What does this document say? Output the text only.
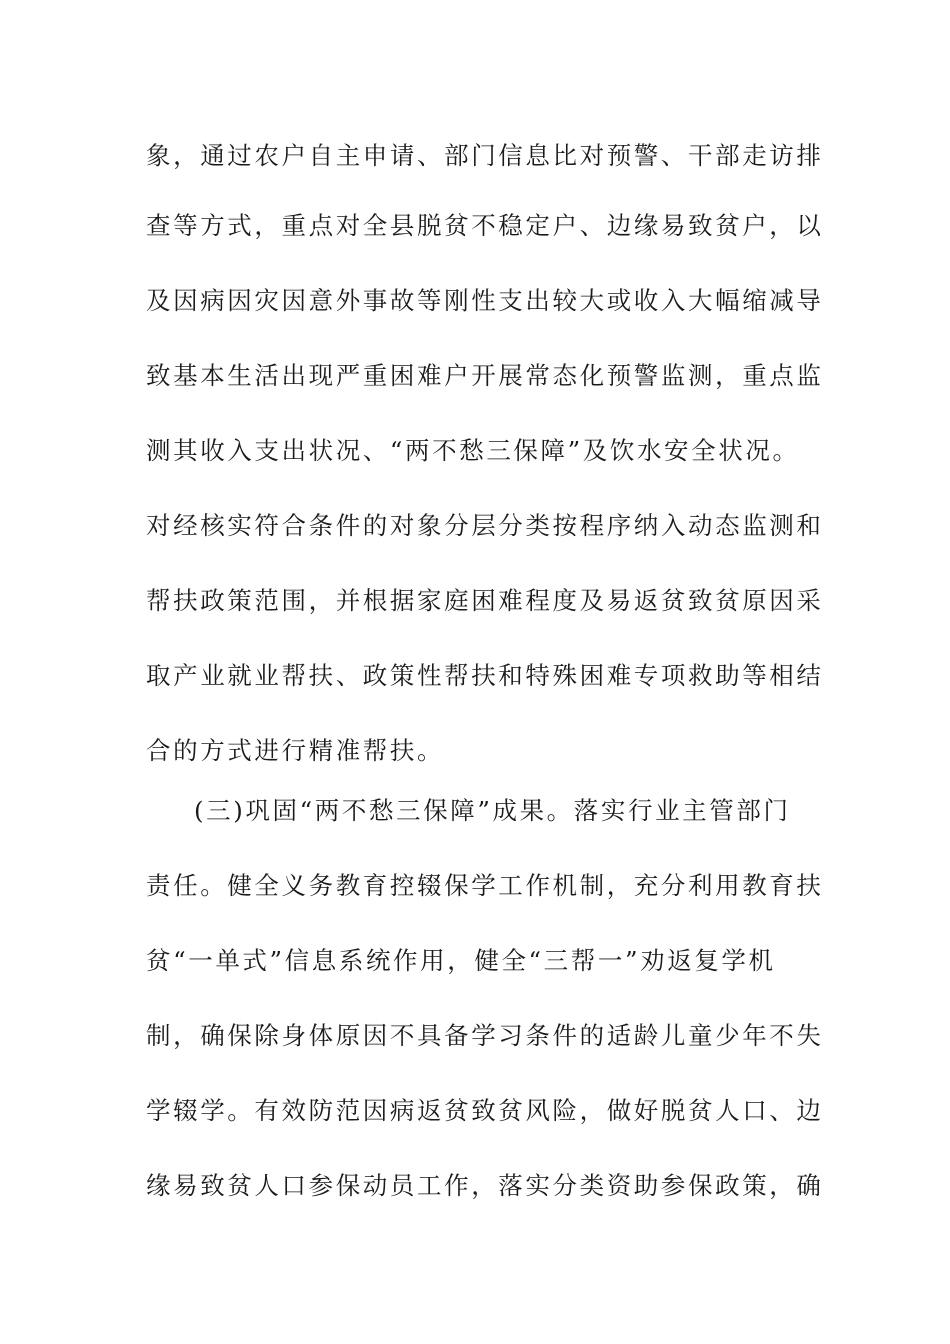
象，通过农户自主申请、部门信息比对预警、干部走访排
查等方式，重点对全县脱贫不稳定户、边缘易致贫户，以
及因病因灾因意外事故等刚性支出较大或收入大幅缩减导
致基本生活出现严重困难户开展常态化预警监测，重点监
测其收入支出状况、“两不愁三保障”及饮水安全状况。
对经核实符合条件的对象分层分类按程序纳入动态监测和
帮扶政策范围，并根据家庭困难程度及易返贫致贫原因采
取产业就业帮扶、政策性帮扶和特殊困难专项救助等相结
合的方式进行精准帮扶。
(三)巩固“两不愁三保障”成果。落实行业主管部门
责任。健全义务教育控辍保学工作机制，充分利用教育扶
贫“一单式”信息系统作用，健全“三帮一”劝返复学机
制，确保除身体原因不具备学习条件的适龄儿童少年不失
学辍学。有效防范因病返贫致贫风险，做好脱贫人口、边
缘易致贫人口参保动员工作，落实分类资助参保政策，确
